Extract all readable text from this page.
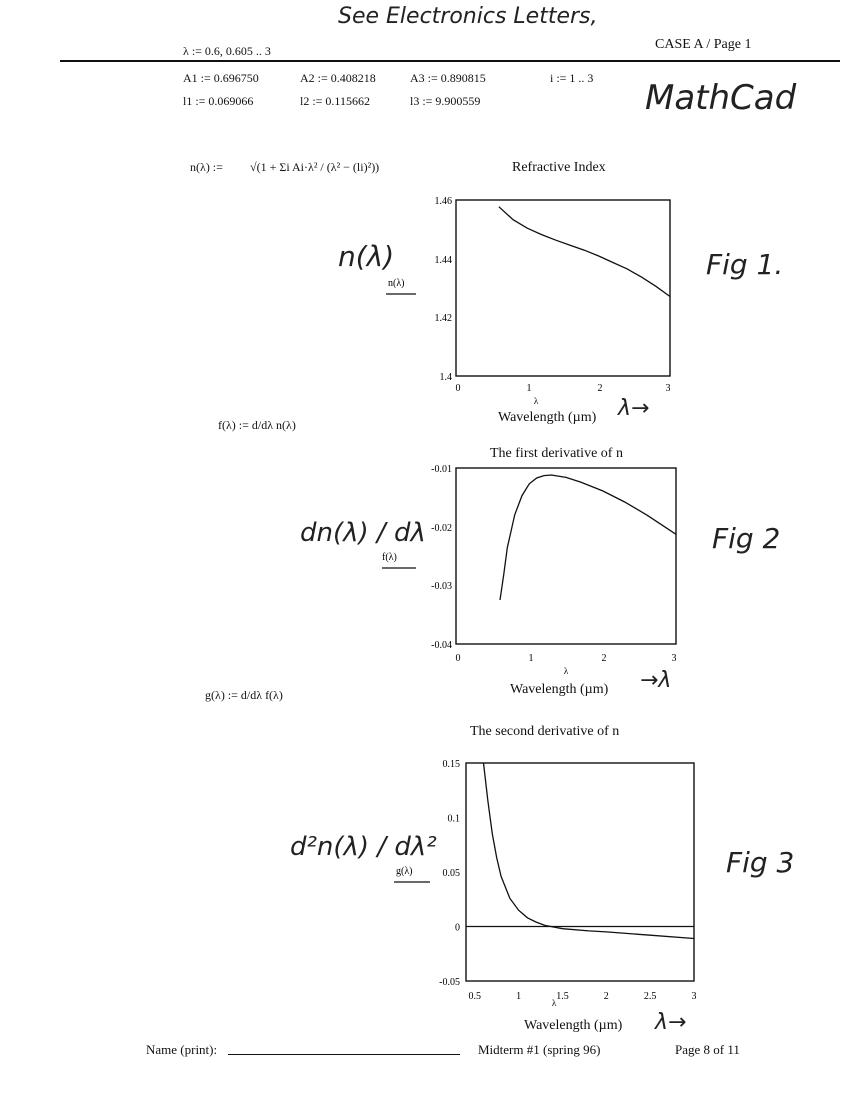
See Electronics Letters,
λ := 0.6, 0.605 .. 3	CASE A / Page 1
MathCad
A1 := 0.696750	A2 := 0.408218	A3 := 0.890815	i := 1 .. 3
l1 := 0.069066	l2 := 0.115662	l3 := 9.900559
n(λ) := √(1 + Σi Ai·λ² / (λ² − (li)²))
f(λ) := d/dλ n(λ)
g(λ) := d/dλ f(λ)
n(λ)	Fig 1.
dn(λ) / dλ	Fig 2
d²n(λ) / dλ²	Fig 3
λ→
→λ
λ→
Refractive Index
n(λ)
1.46
1.44
1.42
1.4
0	1	2	3
λ
Wavelength (µm)
The first derivative of n
f(λ)
-0.01
-0.02
-0.03
-0.04
0	1	2	3
λ
Wavelength (µm)
The second derivative of n
g(λ)
0.15
0.1
0.05
0
-0.05
0.5	1	1.5	2	2.5	3
λ
Wavelength (µm)
Name (print):	Midterm #1 (spring 96)	Page 8 of 11
